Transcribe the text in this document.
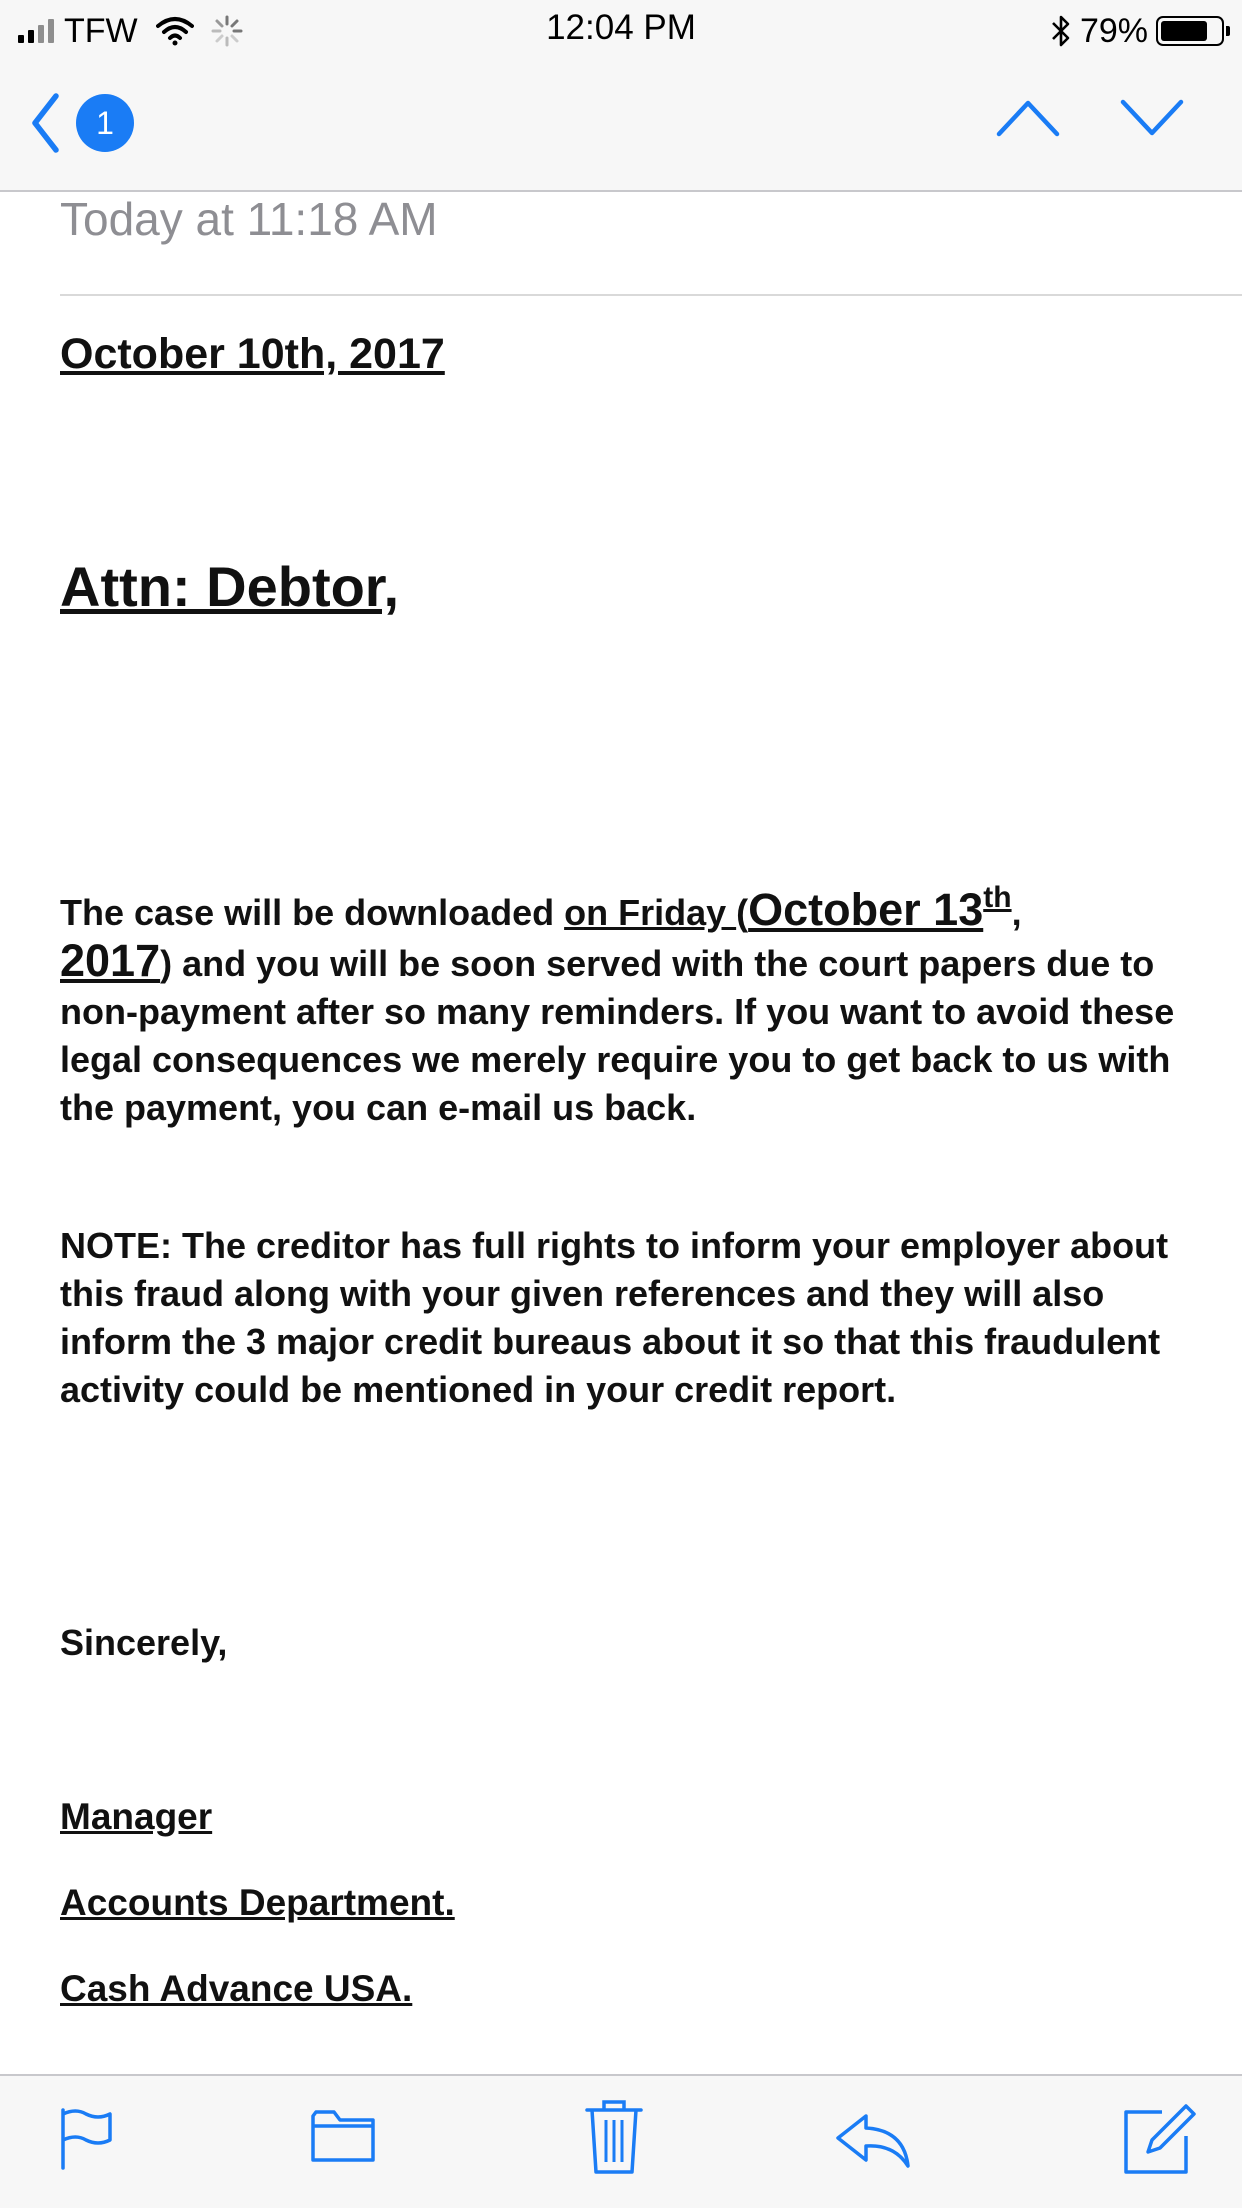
TFW	12:04 PM	79%
1
Today at 11:18 AM
October 10th, 2017
Attn: Debtor,
The case will be downloaded on Friday (October 13th,
2017) and you will be soon served with the court papers due to non-payment after so many reminders. If you want to avoid these legal consequences we merely require you to get back to us with the payment, you can e-mail us back.
NOTE: The creditor has full rights to inform your employer about this fraud along with your given references and they will also inform the 3 major credit bureaus about it so that this fraudulent activity could be mentioned in your credit report.
Sincerely,
Manager
Accounts Department.
Cash Advance USA.
